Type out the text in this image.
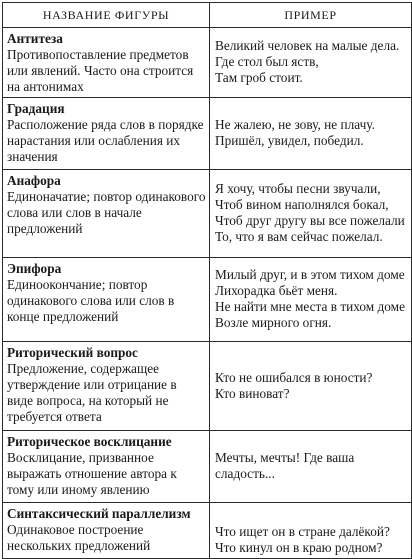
НАЗВАНИЕ ФИГУРЫ	ПРИМЕР

Антитеза
Противопоставление предметов или явлений. Часто она строится на антонимах	Великий человек на малые дела.
Где стол был яств,
Там гроб стоит.

Градация
Расположение ряда слов в порядке нарастания или ослабления их значения	Не жалею, не зову, не плачу.
Пришёл, увидел, победил.

Анафора
Единоначатие; повтор одинакового слова или слов в начале предложений	Я хочу, чтобы песни звучали,
Чтоб вином наполнялся бокал,
Чтоб друг другу вы все пожелали
То, что я вам сейчас пожелал.

Эпифора
Единоокончание; повтор одинакового слова или слов в конце предложений	Милый друг, и в этом тихом доме
Лихорадка бьёт меня.
Не найти мне места в тихом доме
Возле мирного огня.

Риторический вопрос
Предложение, содержащее утверждение или отрицание в виде вопроса, на который не требуется ответа	Кто не ошибался в юности?
Кто виноват?

Риторическое восклицание
Восклицание, призванное выражать отношение автора к тому или иному явлению	Мечты, мечты! Где ваша сладость...

Синтаксический параллелизм
Одинаковое построение нескольких предложений	Что ищет он в стране далёкой?
Что кинул он в краю родном?
